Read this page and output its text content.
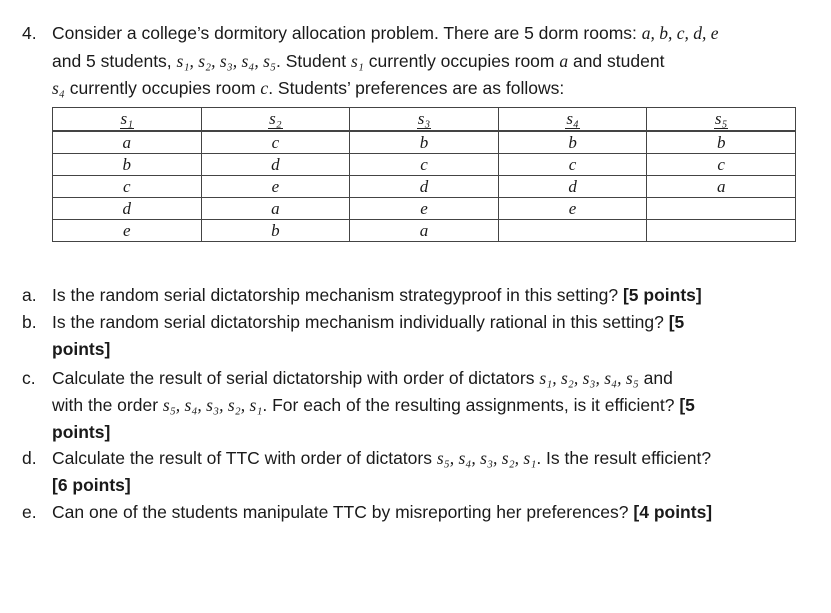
4. Consider a college’s dormitory allocation problem. There are 5 dorm rooms: a, b, c, d, e
and 5 students, s₁, s₂, s₃, s₄, s₅. Student s₁ currently occupies room a and student
s₄ currently occupies room c. Students’ preferences are as follows:
s₁	s₂	s₃	s₄	s₅
a	c	b	b	b
b	d	c	c	c
c	e	d	d	a
d	a	e	e	
e	b	a		
a. Is the random serial dictatorship mechanism strategyproof in this setting? [5 points]
b. Is the random serial dictatorship mechanism individually rational in this setting? [5
points]
c. Calculate the result of serial dictatorship with order of dictators s₁, s₂, s₃, s₄, s₅ and
with the order s₅, s₄, s₃, s₂, s₁. For each of the resulting assignments, is it efficient? [5
points]
d. Calculate the result of TTC with order of dictators s₅, s₄, s₃, s₂, s₁. Is the result efficient?
[6 points]
e. Can one of the students manipulate TTC by misreporting her preferences? [4 points]
